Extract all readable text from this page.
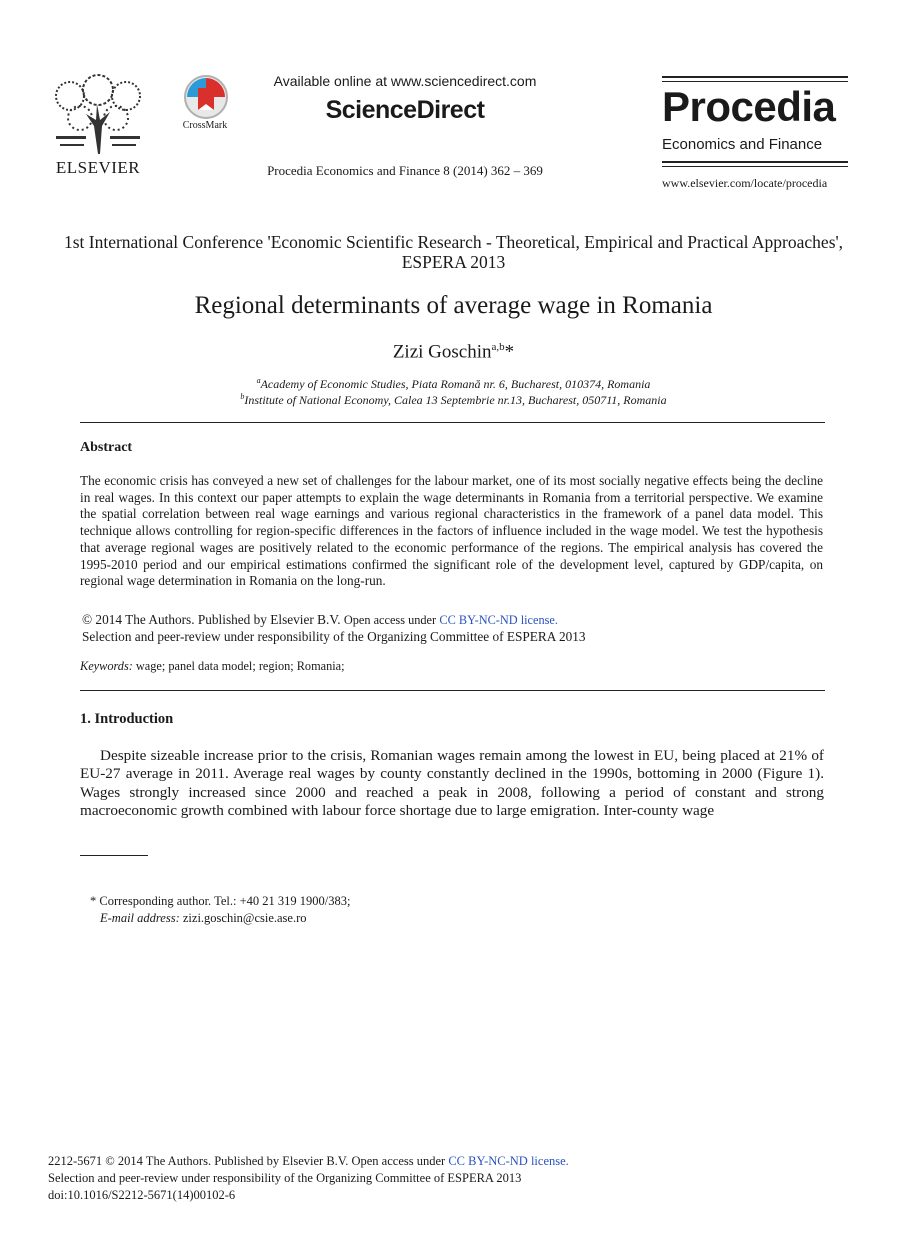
ELSEVIER
CrossMark
Available online at www.sciencedirect.com
ScienceDirect
Procedia Economics and Finance 8 (2014) 362 – 369
Procedia
Economics and Finance
www.elsevier.com/locate/procedia
1st International Conference 'Economic Scientific Research - Theoretical, Empirical and Practical Approaches', ESPERA 2013
Regional determinants of average wage in Romania
Zizi Goschin$^{a,b}$*
$^a$Academy of Economic Studies, Piata Romană nr. 6, Bucharest, 010374, Romania
$^b$Institute of National Economy, Calea 13 Septembrie nr.13, Bucharest, 050711, Romania
Abstract
The economic crisis has conveyed a new set of challenges for the labour market, one of its most socially negative effects being the decline in real wages. In this context our paper attempts to explain the wage determinants in Romania from a territorial perspective. We examine the spatial correlation between real wage earnings and various regional characteristics in the framework of a panel data model. This technique allows controlling for region-specific differences in the factors of influence included in the wage model. We test the hypothesis that average regional wages are positively related to the economic performance of the regions. The empirical analysis has covered the 1995-2010 period and our empirical estimations confirmed the significant role of the development level, captured by GDP/capita, on regional wage determination in Romania on the long-run.
© 2014 The Authors. Published by Elsevier B.V. Open access under CC BY-NC-ND license.
Selection and peer-review under responsibility of the Organizing Committee of ESPERA 2013
Keywords: wage; panel data model; region; Romania;
1. Introduction
Despite sizeable increase prior to the crisis, Romanian wages remain among the lowest in EU, being placed at 21% of EU-27 average in 2011. Average real wages by county constantly declined in the 1990s, bottoming in 2000 (Figure 1). Wages strongly increased since 2000 and reached a peak in 2008, following a period of constant and strong macroeconomic growth combined with labour force shortage due to large emigration. Inter-county wage
* Corresponding author. Tel.: +40 21 319 1900/383;
E-mail address: zizi.goschin@csie.ase.ro
2212-5671 © 2014 The Authors. Published by Elsevier B.V. Open access under CC BY-NC-ND license.
Selection and peer-review under responsibility of the Organizing Committee of ESPERA 2013
doi:10.1016/S2212-5671(14)00102-6
